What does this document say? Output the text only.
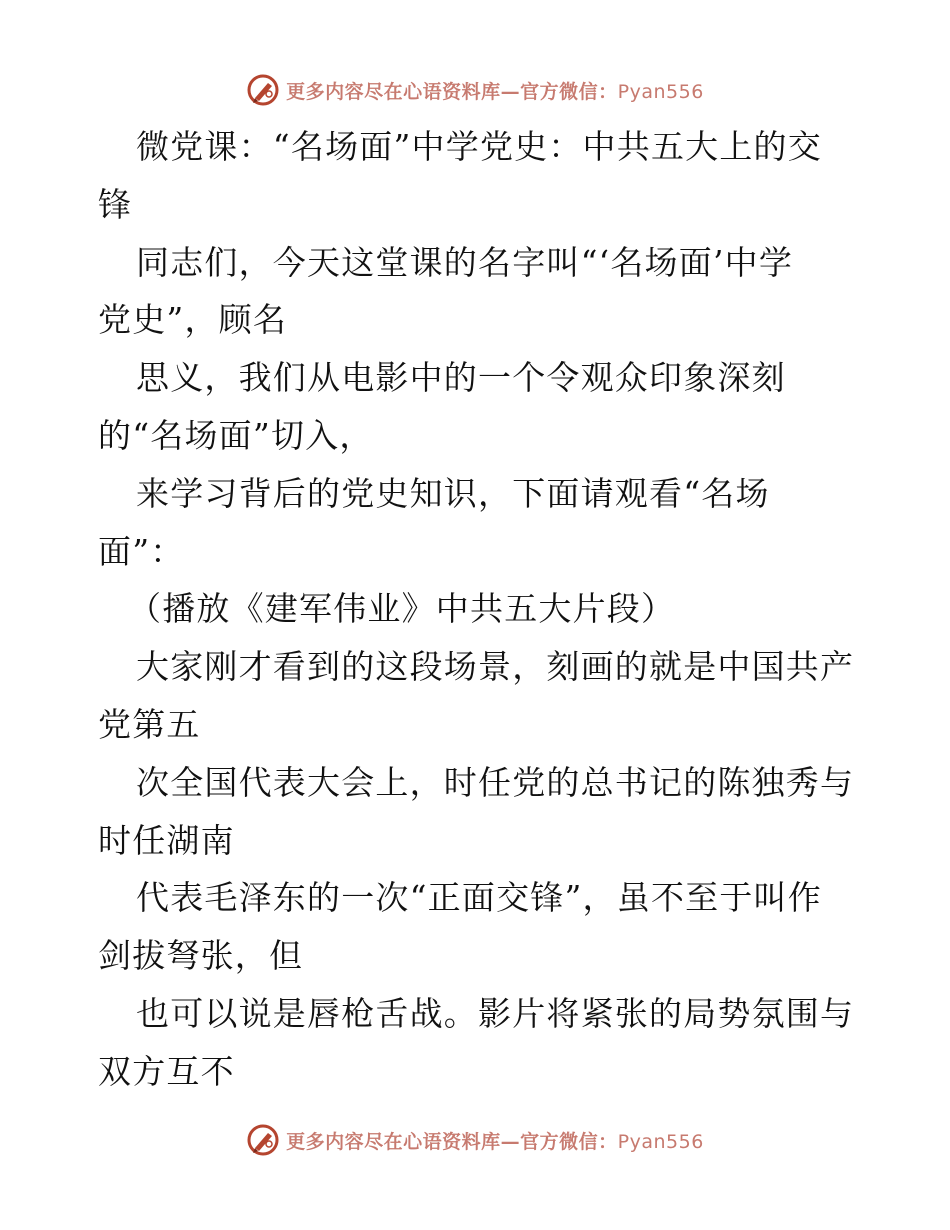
更多内容尽在心语资料库—官方微信：Pyan556
微党课：“名场面”中学党史：中共五大上的交
锋
同志们，今天这堂课的名字叫“‘名场面’中学
党史”，顾名
思义，我们从电影中的一个令观众印象深刻
的“名场面”切入，
来学习背后的党史知识，下面请观看“名场
面”：
（播放《建军伟业》中共五大片段）
大家刚才看到的这段场景，刻画的就是中国共产
党第五
次全国代表大会上，时任党的总书记的陈独秀与
时任湖南
代表毛泽东的一次“正面交锋”，虽不至于叫作
剑拔弩张，但
也可以说是唇枪舌战。影片将紧张的局势氛围与
双方互不
更多内容尽在心语资料库—官方微信：Pyan556
